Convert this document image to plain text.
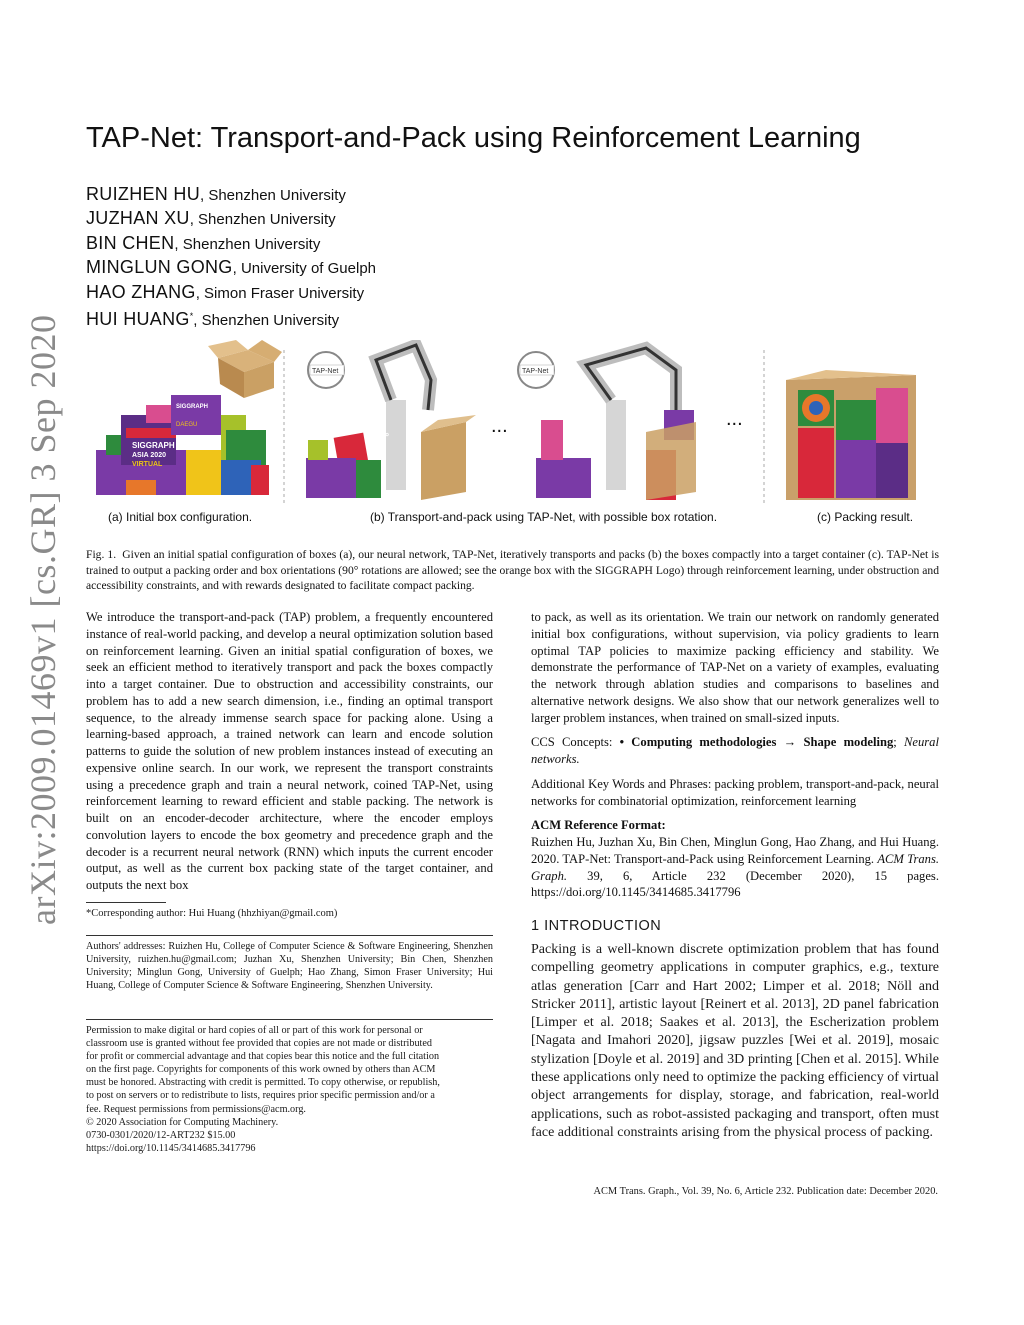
arXiv:2009.01469v1 [cs.GR] 3 Sep 2020
TAP-Net: Transport-and-Pack using Reinforcement Learning
RUIZHEN HU, Shenzhen University
JUZHAN XU, Shenzhen University
BIN CHEN, Shenzhen University
MINGLUN GONG, University of Guelph
HAO ZHANG, Simon Fraser University
HUI HUANG*, Shenzhen University
SIGGRAPH
ASIA 2020
VIRTUAL
SIGGRAPH
DAEGU
TAP-Net
90°
...
TAP-Net
...
(a) Initial box configuration.	(b) Transport-and-pack using TAP-Net, with possible box rotation.	(c) Packing result.
Fig. 1. Given an initial spatial configuration of boxes (a), our neural network, TAP-Net, iteratively transports and packs (b) the boxes compactly into a target container (c). TAP-Net is trained to output a packing order and box orientations (90° rotations are allowed; see the orange box with the SIGGRAPH Logo) through reinforcement learning, under obstruction and accessibility constraints, and with rewards designated to facilitate compact packing.

We introduce the transport-and-pack (TAP) problem, a frequently encountered instance of real-world packing, and develop a neural optimization solution based on reinforcement learning. Given an initial spatial configuration of boxes, we seek an efficient method to iteratively transport and pack the boxes compactly into a target container. Due to obstruction and accessibility constraints, our problem has to add a new search dimension, i.e., finding an optimal transport sequence, to the already immense search space for packing alone. Using a learning-based approach, a trained network can learn and encode solution patterns to guide the solution of new problem instances instead of executing an expensive online search. In our work, we represent the transport constraints using a precedence graph and train a neural network, coined TAP-Net, using reinforcement learning to reward efficient and stable packing. The network is built on an encoder-decoder architecture, where the encoder employs convolution layers to encode the box geometry and precedence graph and the decoder is a recurrent neural network (RNN) which inputs the current encoder output, as well as the current box packing state of the target container, and outputs the next box

*Corresponding author: Hui Huang (hhzhiyan@gmail.com)
Authors' addresses: Ruizhen Hu, College of Computer Science & Software Engineering, Shenzhen University, ruizhen.hu@gmail.com; Juzhan Xu, Shenzhen University; Bin Chen, Shenzhen University; Minglun Gong, University of Guelph; Hao Zhang, Simon Fraser University; Hui Huang, College of Computer Science & Software Engineering, Shenzhen University.
Permission to make digital or hard copies of all or part of this work for personal or
classroom use is granted without fee provided that copies are not made or distributed
for profit or commercial advantage and that copies bear this notice and the full citation
on the first page. Copyrights for components of this work owned by others than ACM
must be honored. Abstracting with credit is permitted. To copy otherwise, or republish,
to post on servers or to redistribute to lists, requires prior specific permission and/or a
fee. Request permissions from permissions@acm.org.
© 2020 Association for Computing Machinery.
0730-0301/2020/12-ART232 $15.00
https://doi.org/10.1145/3414685.3417796

to pack, as well as its orientation. We train our network on randomly generated initial box configurations, without supervision, via policy gradients to learn optimal TAP policies to maximize packing efficiency and stability. We demonstrate the performance of TAP-Net on a variety of examples, evaluating the network through ablation studies and comparisons to baselines and alternative network designs. We also show that our network generalizes well to larger problem instances, when trained on small-sized inputs.

CCS Concepts: • Computing methodologies → Shape modeling; Neural networks.

Additional Key Words and Phrases: packing problem, transport-and-pack, neural networks for combinatorial optimization, reinforcement learning

ACM Reference Format:

Ruizhen Hu, Juzhan Xu, Bin Chen, Minglun Gong, Hao Zhang, and Hui Huang. 2020. TAP-Net: Transport-and-Pack using Reinforcement Learning. ACM Trans. Graph. 39, 6, Article 232 (December 2020), 15 pages. https://doi.org/10.1145/3414685.3417796

1 INTRODUCTION
Packing is a well-known discrete optimization problem that has found compelling geometry applications in computer graphics, e.g., texture atlas generation [Carr and Hart 2002; Limper et al. 2018; Nöll and Stricker 2011], artistic layout [Reinert et al. 2013], 2D panel fabrication [Limper et al. 2018; Saakes et al. 2013], the Escherization problem [Nagata and Imahori 2020], jigsaw puzzles [Wei et al. 2019], mosaic stylization [Doyle et al. 2019] and 3D printing [Chen et al. 2015]. While these applications only need to optimize the packing efficiency of virtual object arrangements for display, storage, and fabrication, real-world applications, such as robot-assisted packaging and transport, often must face additional constraints arising from the physical process of packing.
ACM Trans. Graph., Vol. 39, No. 6, Article 232. Publication date: December 2020.
